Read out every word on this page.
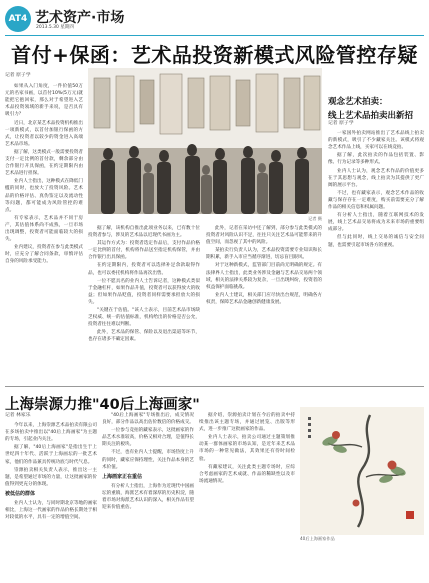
AT4 艺术资产·市场
2013.5.30 星期四
首付+保函：艺术品投资新模式风险管控存疑
记者 原子学

如果从入门角度，一件价值50万元的名家书画，以首付10%(5万元)就能把它抱回家，那么对于希望进入艺术品投资领域的新手来说，是否具有吸引力？

近日，北京某艺术品投资机构推出一项新模式，以首付加银行保函的方式，让投资者以较少的资金进入高端艺术品市场。

据了解，这类模式一般需要投资者支付一定比例的首付款，剩余部分由合作银行开具保函，在约定期限内由艺术品进行担保。

业内人士指出，这种模式在降低门槛的同时，也放大了投资风险。艺术品的价格评估、真伪鉴定以及流动性等问题，都可能成为风险管控的难点。

有专家表示，艺术品并不同于房产，其估值体系尚不成熟，一旦市场出现调整，投资者可能面临较大的损失。

业内建议，投资者在参与此类模式时，应充分了解合同条款，审慎评估自身的风险承受能力。

记者 摄

据了解，该机构自推出此项业务以来，已有数十位投资者参与，涉及的艺术品以近现代书画为主。

其运作方式为：投资者选定作品后，支付作品价格一定比例的首付，机构将作品送至指定机构保管，并由合作银行出具保函。

在约定期限内，投资者可以选择补足余款取得作品，也可以委托机构将作品再次出售。

一位不愿具名的业内人士告诉记者，这种模式类似于金融杠杆，如果作品升值，投资者可以获得放大的收益；但如果作品贬值，投资者同样需要承担放大的损失。

"关键在于估值。"该人士表示，目前艺术品市场缺乏权威、统一的估值标准，机构给出的价格是否公允，投资者往往难以判断。

此外，艺术品的保管、保险以及退出渠道等环节，也存在诸多不确定因素。

此外，记者在采访中还了解到，部分参与此类模式的投资者对风险认识不足，往往只关注艺术品可能带来的升值空间，而忽视了其中的风险。

某拍卖行负责人认为，艺术品投资需要专业知识和长期积累，新手入市应当循序渐进，切忌盲目跟风。

对于这种新模式，监管部门目前尚无明确的规定。有法律界人士指出，此类业务涉及金融与艺术品交易两个领域，相关的法律关系较为复杂，一旦出现纠纷，投资者的权益保护面临挑战。

业内人士建议，相关部门应尽快出台规范，明确各方权责，保障艺术品金融创新健康发展。

观念艺术拍卖：
线上艺术品拍卖出新招
记者 原子学

一家国外拍卖网站推出了艺术品线上拍卖的新模式，吸引了不少藏家关注。该模式将观念艺术作品上线，买家可以在线竞拍。

据了解，此次拍卖的作品包括装置、影像、行为记录等多种形式。

业内人士认为，观念艺术作品的价值更多在于其思想与观念，线上拍卖为其提供了更广阔的展示平台。

不过，也有藏家表示，观念艺术作品的收藏与保存存在一定难度，购买前需要充分了解作品的相关信息和权属问题。

有分析人士指出，随着互联网技术的发展，线上艺术品交易将成为未来市场的重要组成部分。

但与此同时，线上交易的诚信与安全问题，也需要引起市场各方的重视。

上海崇源力推"40后上海画家"
记者 林家乐

今年以来，上海崇源艺术品拍卖有限公司在多场拍卖中推出以"40后上海画家"为主题的专场，引起业内关注。

据了解，"40后上海画家"是指出生于上世纪四十年代、活跃于上海画坛的一批艺术家，他们的作品兼具传统功底与时代气息。

崇源拍卖相关负责人表示，推出这一主题，是希望通过市场的力量，让这批画家的价值得到更充分的体现。

被低估的群体

业内人士认为，与同时期北京等地的画家相比，上海这一代画家的作品价格长期处于相对较低的水平，具有一定的增值空间。

"40后上海画家"专场推出后，成交情况良好，部分作品以高出估价数倍的价格成交。

一位参与竞拍的藏家表示，这批画家的作品艺术水准较高，价格又相对合理，是值得长期关注的板块。

不过，也有业内人士提醒，市场热度上升的同时，藏家应保持理性，关注作品本身的艺术价值。

上海画家正在重估

有分析人士指出，上海作为近现代中国画坛的重镇，海派艺术有着深厚的历史积淀，随着市场对海派艺术认识的深入，相关作品有望迎来价值重估。

据介绍，崇源拍卖计划在今后的拍卖中持续推出该主题专场，并通过展览、出版等形式，进一步推广这批画家的作品。

业内人士表示，拍卖公司通过主题策划推动某一群体画家的市场认知，是近年来艺术品市场的一种常见做法，其效果还有待时间检验。

有藏家建议，关注此类主题专场时，应综合考虑画家的艺术成就、作品的稀缺性以及市场流通情况。

40后上海画家作品
